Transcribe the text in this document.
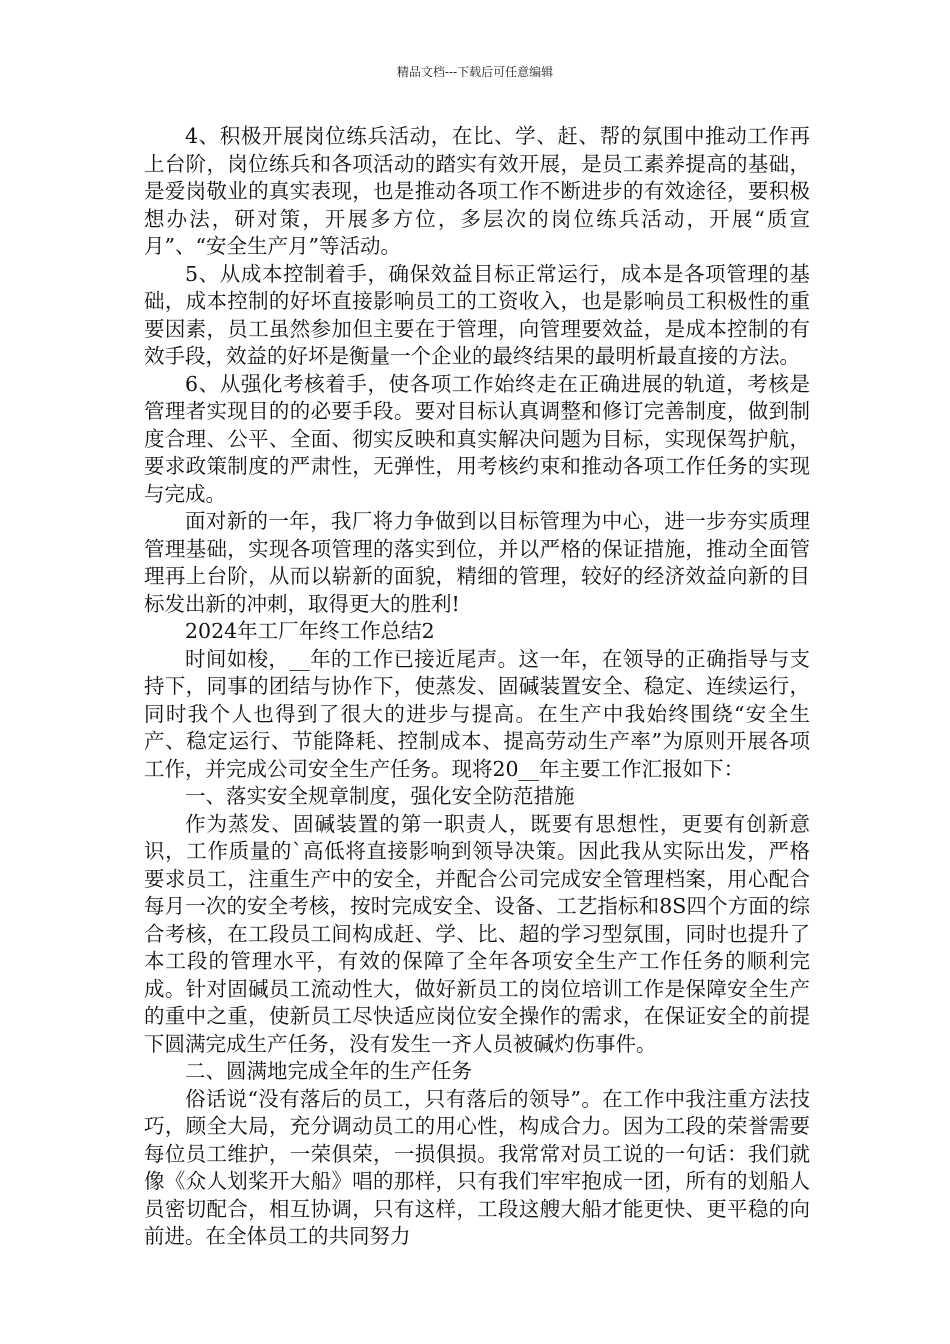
精品文档---下载后可任意编辑

4、积极开展岗位练兵活动，在比、学、赶、帮的氛围中推动工作再上台阶，岗位练兵和各项活动的踏实有效开展，是员工素养提高的基础，是爱岗敬业的真实表现，也是推动各项工作不断进步的有效途径，要积极想办法，研对策，开展多方位，多层次的岗位练兵活动，开展“质宣月”、“安全生产月”等活动。

5、从成本控制着手，确保效益目标正常运行，成本是各项管理的基础，成本控制的好坏直接影响员工的工资收入，也是影响员工积极性的重要因素，员工虽然参加但主要在于管理，向管理要效益，是成本控制的有效手段，效益的好坏是衡量一个企业的最终结果的最明析最直接的方法。

6、从强化考核着手，使各项工作始终走在正确进展的轨道，考核是管理者实现目的的必要手段。要对目标认真调整和修订完善制度，做到制度合理、公平、全面、彻实反映和真实解决问题为目标，实现保驾护航，要求政策制度的严肃性，无弹性，用考核约束和推动各项工作任务的实现与完成。

面对新的一年，我厂将力争做到以目标管理为中心，进一步夯实质理管理基础，实现各项管理的落实到位，并以严格的保证措施，推动全面管理再上台阶，从而以崭新的面貌，精细的管理，较好的经济效益向新的目标发出新的冲刺，取得更大的胜利!

2024年工厂年终工作总结2

时间如梭，__年的工作已接近尾声。这一年，在领导的正确指导与支持下，同事的团结与协作下，使蒸发、固碱装置安全、稳定、连续运行，同时我个人也得到了很大的进步与提高。在生产中我始终围绕“安全生产、稳定运行、节能降耗、控制成本、提高劳动生产率”为原则开展各项工作，并完成公司安全生产任务。现将20__年主要工作汇报如下：

一、落实安全规章制度，强化安全防范措施

作为蒸发、固碱装置的第一职责人，既要有思想性，更要有创新意识，工作质量的`高低将直接影响到领导决策。因此我从实际出发，严格要求员工，注重生产中的安全，并配合公司完成安全管理档案，用心配合每月一次的安全考核，按时完成安全、设备、工艺指标和8S四个方面的综合考核，在工段员工间构成赶、学、比、超的学习型氛围，同时也提升了本工段的管理水平，有效的保障了全年各项安全生产工作任务的顺利完成。针对固碱员工流动性大，做好新员工的岗位培训工作是保障安全生产的重中之重，使新员工尽快适应岗位安全操作的需求，在保证安全的前提下圆满完成生产任务，没有发生一齐人员被碱灼伤事件。

二、圆满地完成全年的生产任务

俗话说“没有落后的员工，只有落后的领导”。在工作中我注重方法技巧，顾全大局，充分调动员工的用心性，构成合力。因为工段的荣誉需要每位员工维护，一荣俱荣，一损俱损。我常常对员工说的一句话：我们就像《众人划桨开大船》唱的那样，只有我们牢牢抱成一团，所有的划船人员密切配合，相互协调，只有这样，工段这艘大船才能更快、更平稳的向前进。在全体员工的共同努力
